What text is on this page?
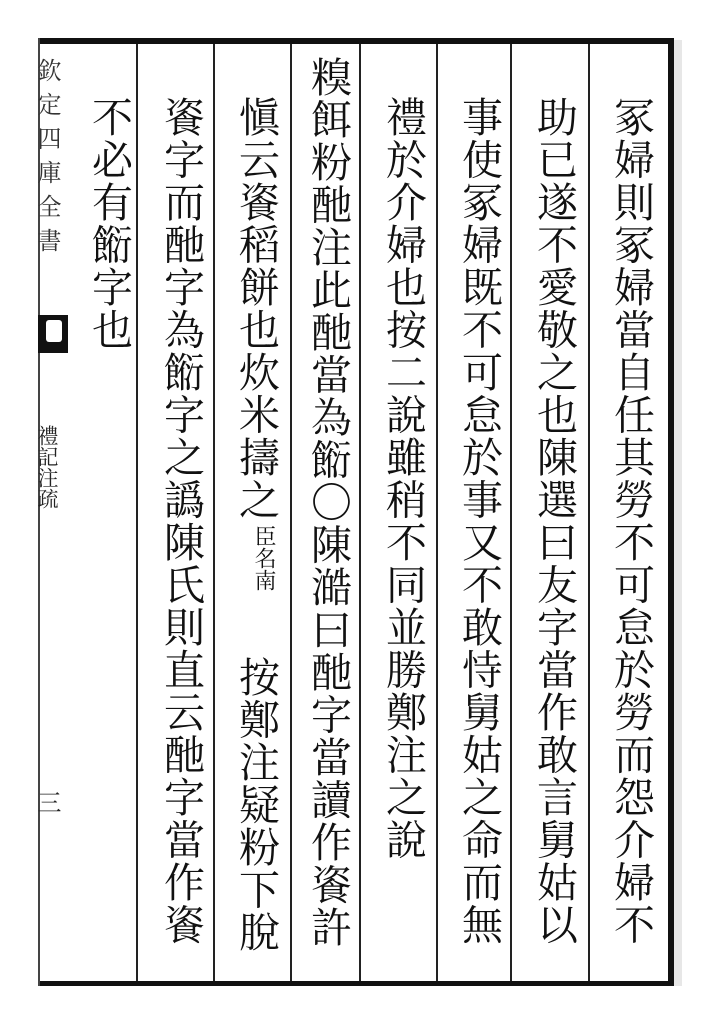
欽定四庫全書
禮記注疏
三	冢婦則冢婦當自任其勞不可怠於勞而怨介婦不
助已遂不愛敬之也陳選曰友字當作敢言舅姑以
事使冢婦既不可怠於事又不敢恃舅姑之命而無
禮於介婦也按二說雖稍不同並勝鄭注之說
糗餌粉酏注此酏當為餰〇陳澔曰酏字當讀作餈許
愼云餈稻餅也炊米擣之
臣名南
按鄭注疑粉下脫
餈字而酏字為餰字之譌陳氏則直云酏字當作餈
不必有餰字也
